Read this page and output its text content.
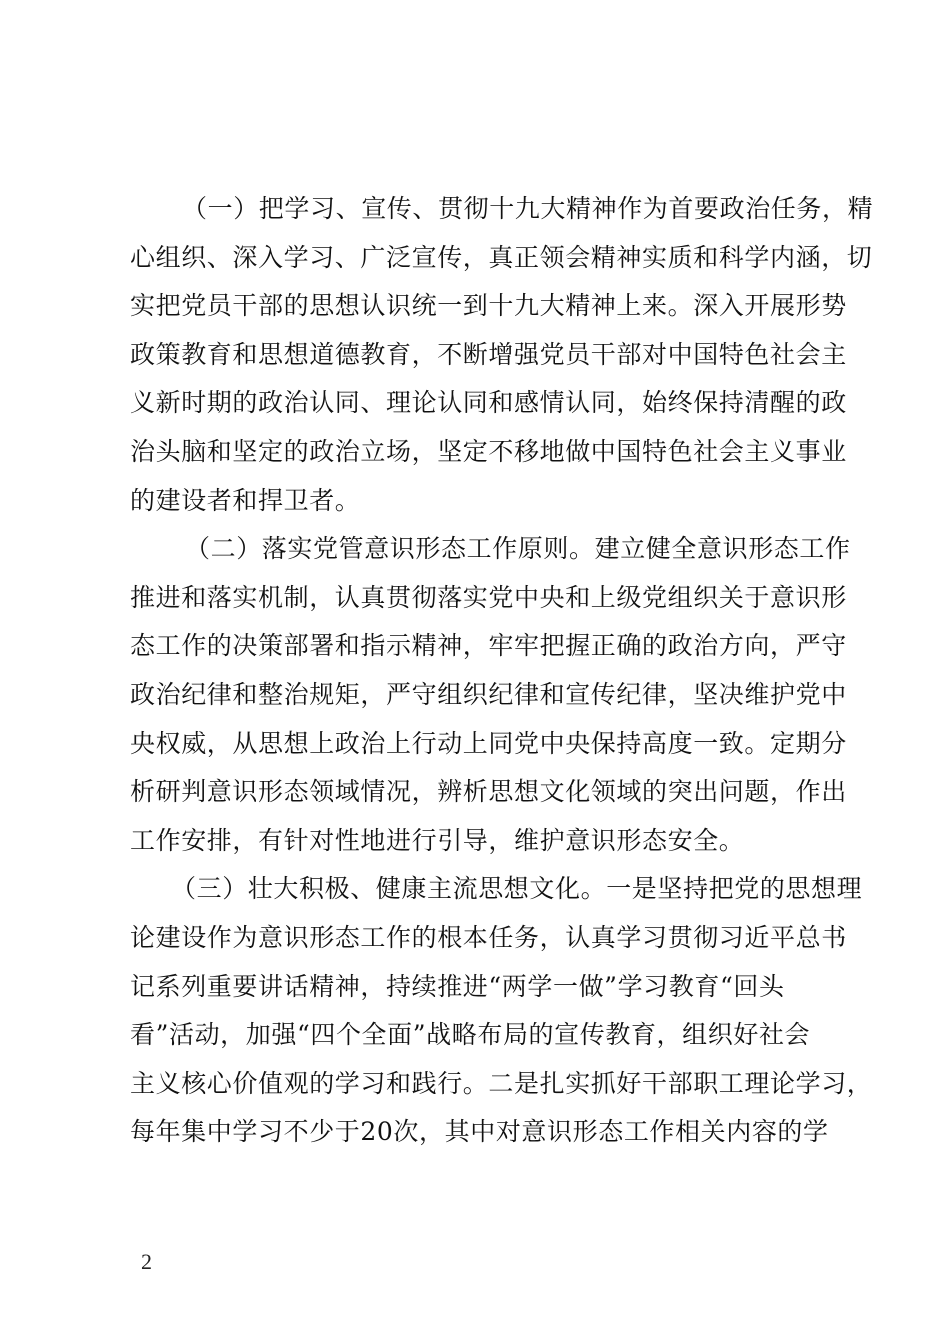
（一）把学习、宣传、贯彻十九大精神作为首要政治任务，精
心组织、深入学习、广泛宣传，真正领会精神实质和科学内涵，切
实把党员干部的思想认识统一到十九大精神上来。深入开展形势
政策教育和思想道德教育，不断增强党员干部对中国特色社会主
义新时期的政治认同、理论认同和感情认同，始终保持清醒的政
治头脑和坚定的政治立场，坚定不移地做中国特色社会主义事业
的建设者和捍卫者。
（二）落实党管意识形态工作原则。建立健全意识形态工作
推进和落实机制，认真贯彻落实党中央和上级党组织关于意识形
态工作的决策部署和指示精神，牢牢把握正确的政治方向，严守
政治纪律和整治规矩，严守组织纪律和宣传纪律，坚决维护党中
央权威，从思想上政治上行动上同党中央保持高度一致。定期分
析研判意识形态领域情况，辨析思想文化领域的突出问题，作出
工作安排，有针对性地进行引导，维护意识形态安全。
（三）壮大积极、健康主流思想文化。一是坚持把党的思想理
论建设作为意识形态工作的根本任务，认真学习贯彻习近平总书
记系列重要讲话精神，持续推进“两学一做”学习教育“回头
看”活动，加强“四个全面”战略布局的宣传教育，组织好社会
主义核心价值观的学习和践行。二是扎实抓好干部职工理论学习，
每年集中学习不少于20次，其中对意识形态工作相关内容的学
2
